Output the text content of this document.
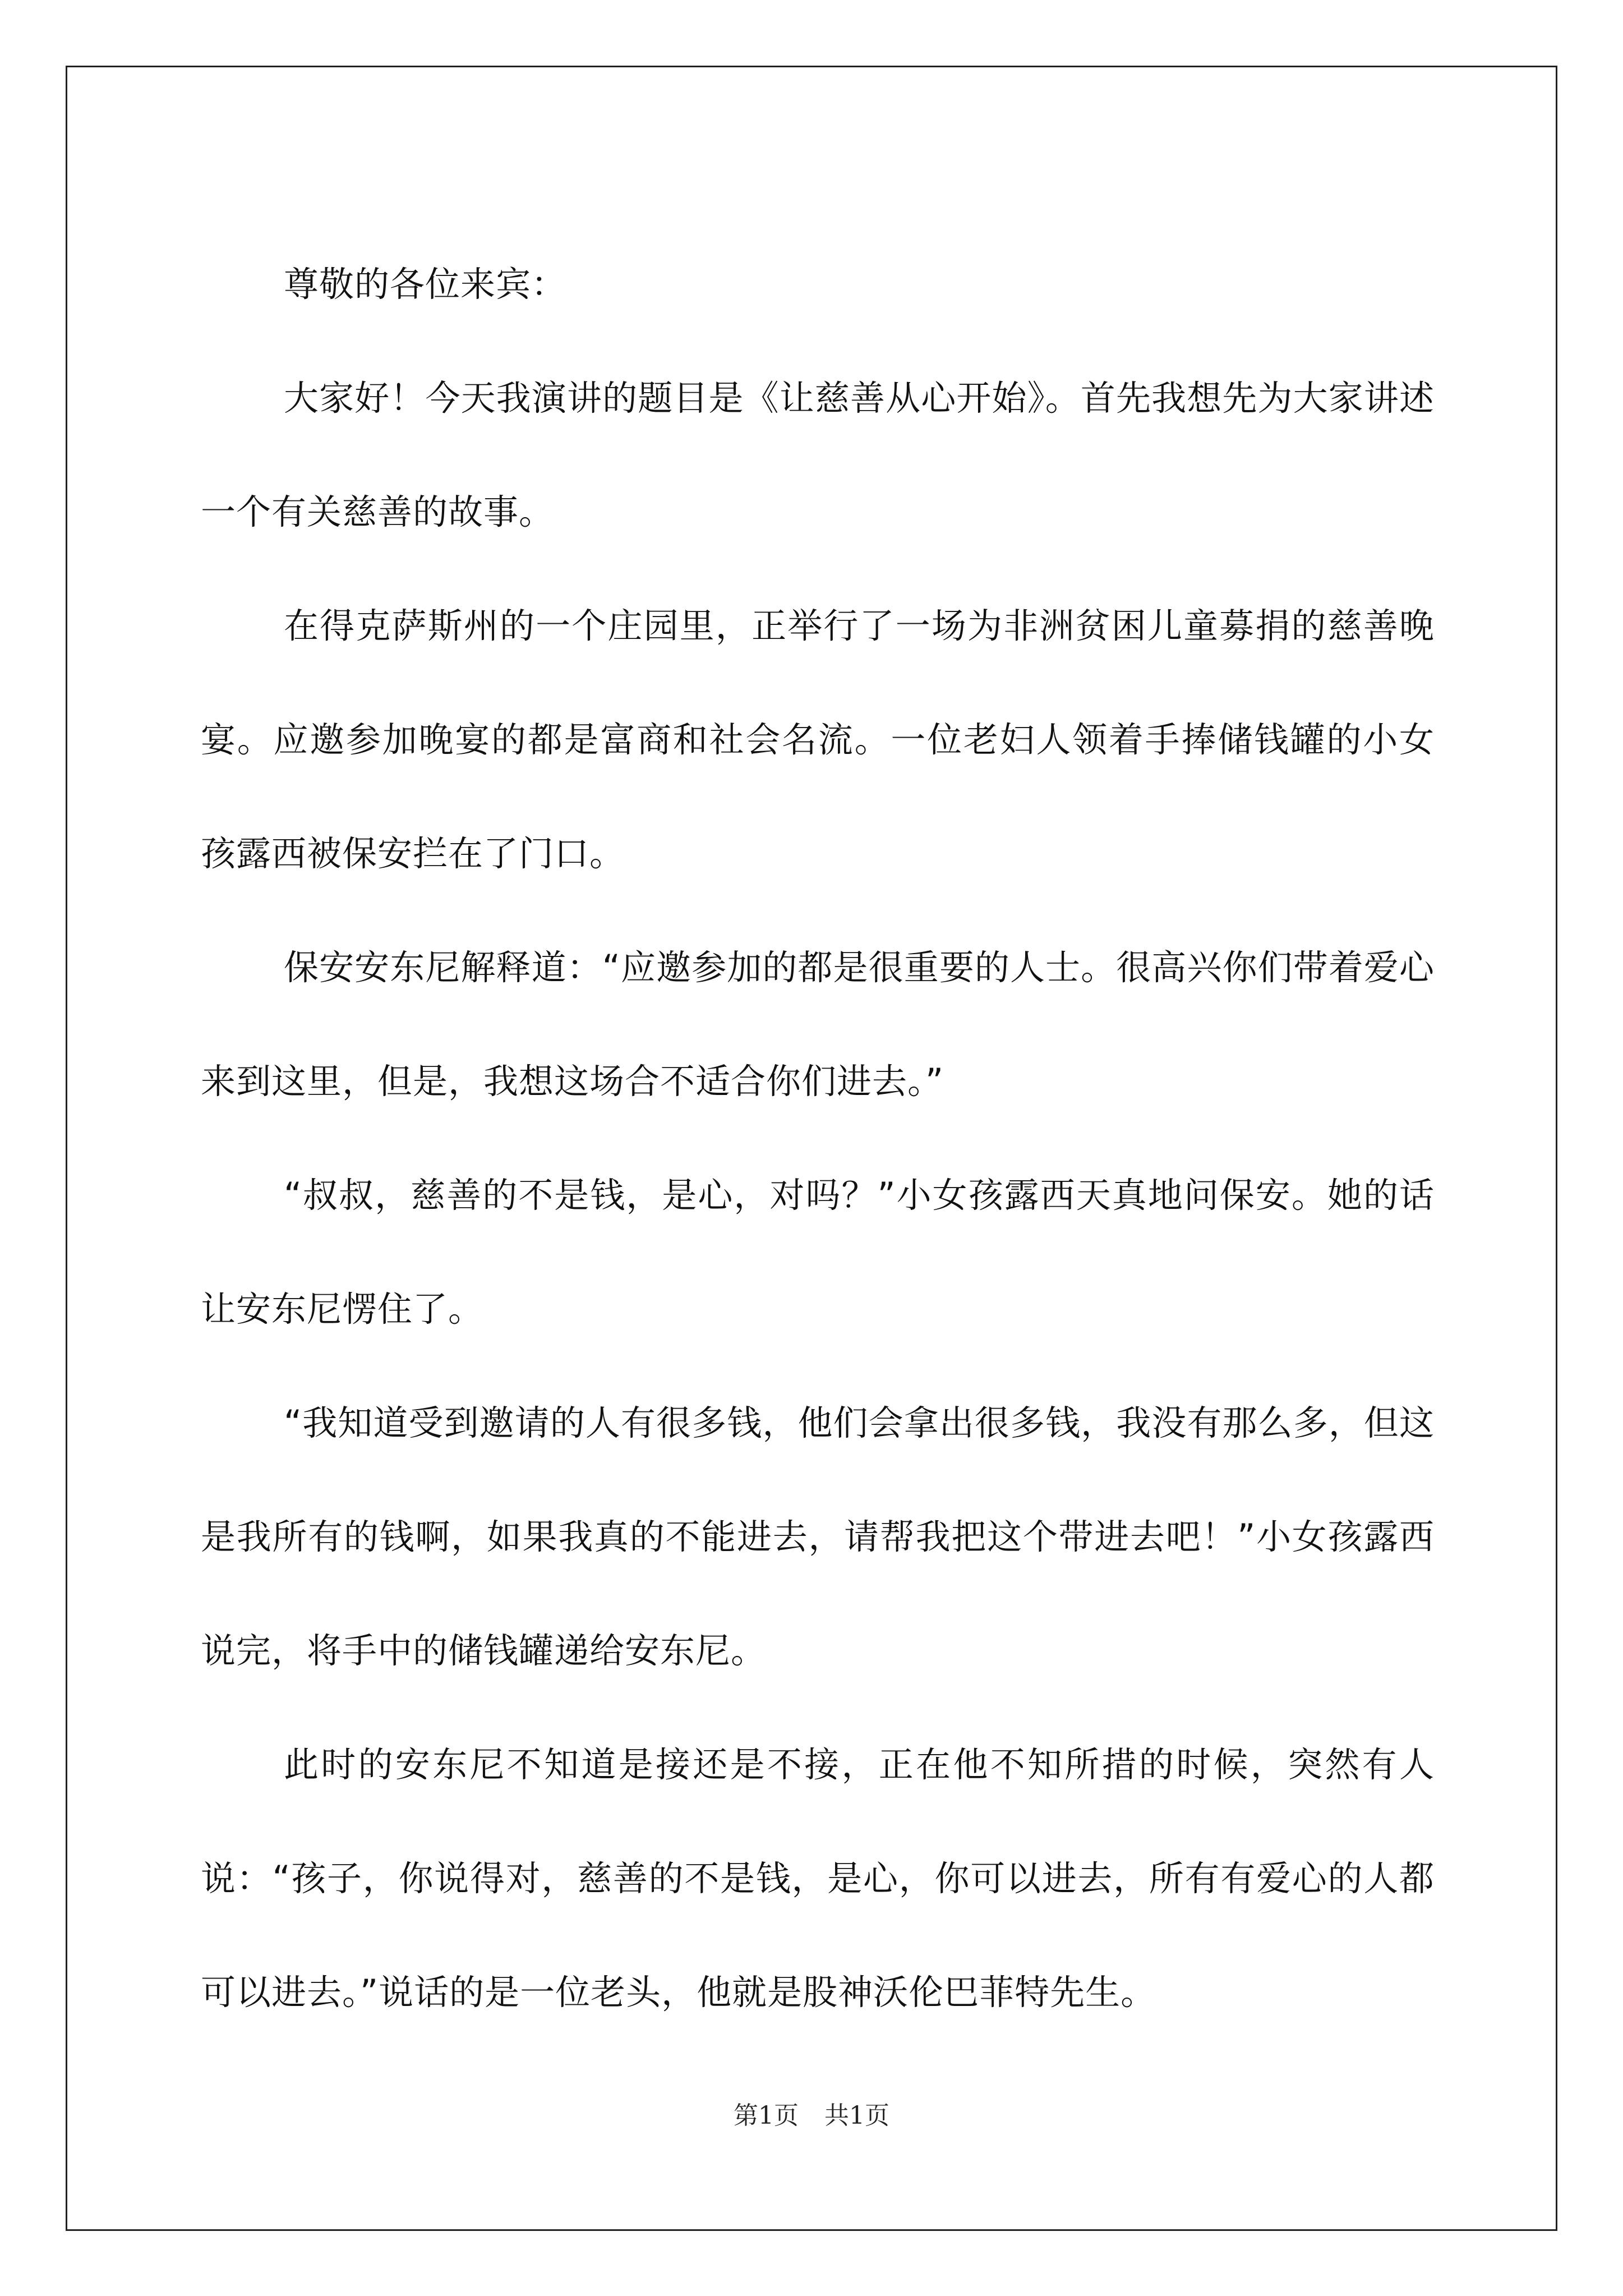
尊敬的各位来宾：

大家好！今天我演讲的题目是《让慈善从心开始》。首先我想先为大家讲述一个有关慈善的故事。

在得克萨斯州的一个庄园里，正举行了一场为非洲贫困儿童募捐的慈善晚宴。应邀参加晚宴的都是富商和社会名流。一位老妇人领着手捧储钱罐的小女孩露西被保安拦在了门口。

保安安东尼解释道：“应邀参加的都是很重要的人士。很高兴你们带着爱心来到这里，但是，我想这场合不适合你们进去。”

“叔叔，慈善的不是钱，是心，对吗？”小女孩露西天真地问保安。她的话让安东尼愣住了。

“我知道受到邀请的人有很多钱，他们会拿出很多钱，我没有那么多，但这是我所有的钱啊，如果我真的不能进去，请帮我把这个带进去吧！”小女孩露西说完，将手中的储钱罐递给安东尼。

此时的安东尼不知道是接还是不接，正在他不知所措的时候，突然有人说：“孩子，你说得对，慈善的不是钱，是心，你可以进去，所有有爱心的人都可以进去。”说话的是一位老头，他就是股神沃伦巴菲特先生。

第1页 共1页
